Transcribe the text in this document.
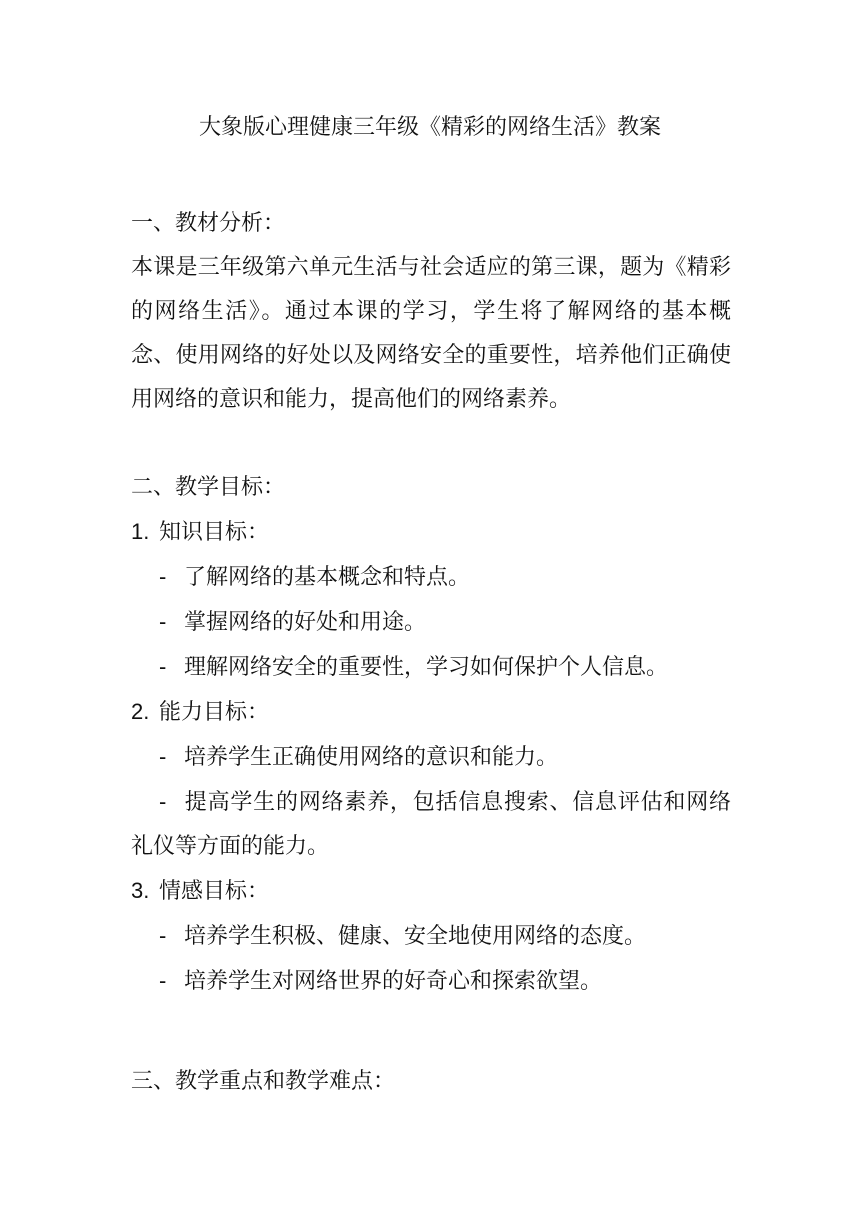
大象版心理健康三年级《精彩的网络生活》教案
一、教材分析：
本课是三年级第六单元生活与社会适应的第三课，题为《精彩的网络生活》。通过本课的学习，学生将了解网络的基本概念、使用网络的好处以及网络安全的重要性，培养他们正确使用网络的意识和能力，提高他们的网络素养。
二、教学目标：
1. 知识目标：
- 了解网络的基本概念和特点。
- 掌握网络的好处和用途。
- 理解网络安全的重要性，学习如何保护个人信息。
2. 能力目标：
- 培养学生正确使用网络的意识和能力。
- 提高学生的网络素养，包括信息搜索、信息评估和网络礼仪等方面的能力。
3. 情感目标：
- 培养学生积极、健康、安全地使用网络的态度。
- 培养学生对网络世界的好奇心和探索欲望。
三、教学重点和教学难点：
